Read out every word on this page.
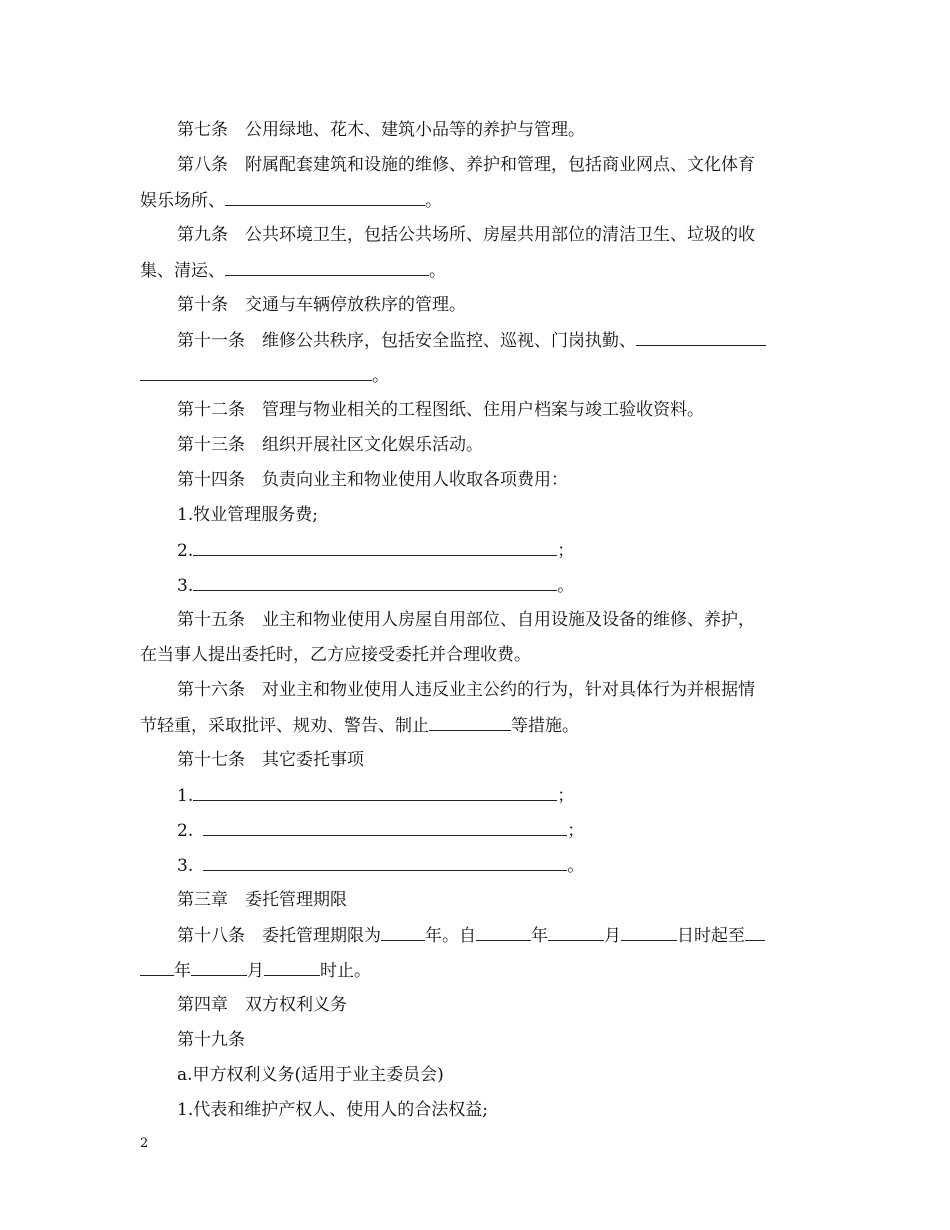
第七条　公用绿地、花木、建筑小品等的养护与管理。
第八条　附属配套建筑和设施的维修、养护和管理，包括商业网点、文化体育
娱乐场所、	。
第九条　公共环境卫生，包括公共场所、房屋共用部位的清洁卫生、垃圾的收
集、清运、	。
第十条　交通与车辆停放秩序的管理。
第十一条　维修公共秩序，包括安全监控、巡视、门岗执勤、
。
第十二条　管理与物业相关的工程图纸、住用户档案与竣工验收资料。
第十三条　组织开展社区文化娱乐活动。
第十四条　负责向业主和物业使用人收取各项费用：
1.牧业管理服务费;
2.	；
3.	。
第十五条　业主和物业使用人房屋自用部位、自用设施及设备的维修、养护，
在当事人提出委托时，乙方应接受委托并合理收费。
第十六条　对业主和物业使用人违反业主公约的行为，针对具体行为并根据情
节轻重，采取批评、规劝、警告、制止	等措施。
第十七条　其它委托事项
1.	；
2.	；
3.	。
第三章　委托管理期限
第十八条　委托管理期限为	年。自	年	月	日时起至
年	月	时止。
第四章　双方权利义务
第十九条
a.甲方权利义务(适用于业主委员会)
1.代表和维护产权人、使用人的合法权益;
2
